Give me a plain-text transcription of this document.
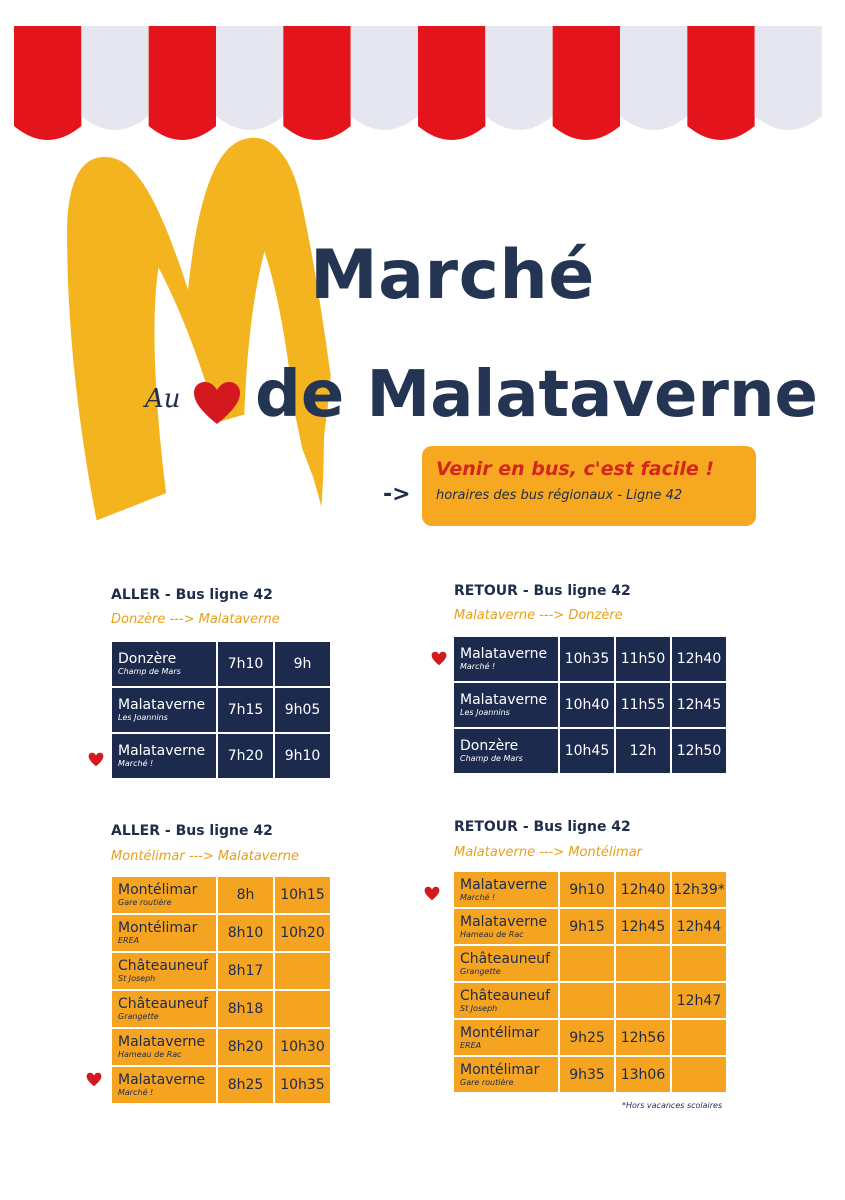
Marché
Au de Malataverne
->
Venir en bus, c'est facile !
horaires des bus régionaux - Ligne 42
ALLER - Bus ligne 42
Donzère ---> Malataverne
Donzère
Champ de Mars	7h10	9h

Malataverne
Les Joannins	7h15	9h05

Malataverne
Marché !	7h20	9h10
RETOUR - Bus ligne 42
Malataverne ---> Donzère
Malataverne
Marché !	10h35	11h50	12h40

Malataverne
Les Joannins	10h40	11h55	12h45

Donzère
Champ de Mars	10h45	12h	12h50
ALLER - Bus ligne 42
Montélimar ---> Malataverne
Montélimar
Gare routière	8h	10h15

Montélimar
EREA	8h10	10h20

Châteauneuf
St Joseph	8h17	

Châteauneuf
Grangette	8h18	

Malataverne
Hameau de Rac	8h20	10h30

Malataverne
Marché !	8h25	10h35
RETOUR - Bus ligne 42
Malataverne ---> Montélimar
Malataverne
Marché !	9h10	12h40	12h39*

Malataverne
Hameau de Rac	9h15	12h45	12h44

Châteauneuf
Grangette			

Châteauneuf
St Joseph			12h47

Montélimar
EREA	9h25	12h56	

Montélimar
Gare routière	9h35	13h06	
*Hors vacances scolaires
